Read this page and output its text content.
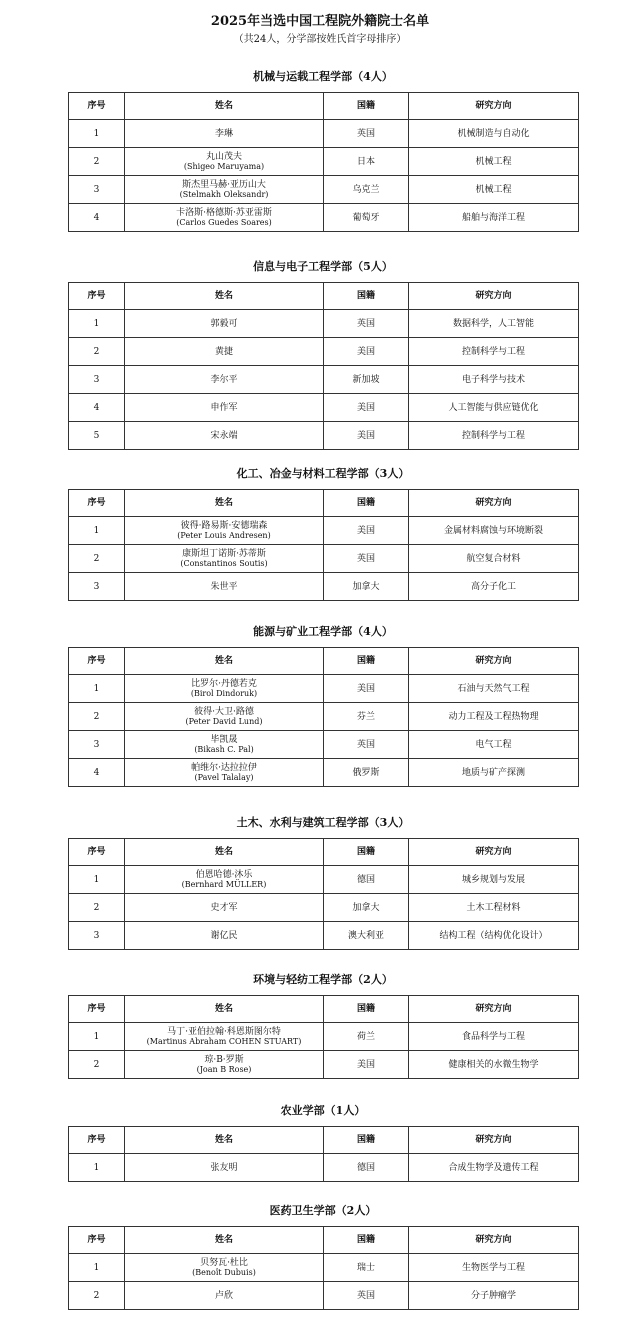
2025年当选中国工程院外籍院士名单
（共24人，分学部按姓氏首字母排序）
机械与运载工程学部（4人）
序号	姓名	国籍	研究方向
1	李琳	英国	机械制造与自动化
2	丸山茂夫
(Shigeo Maruyama)	日本	机械工程
3	斯杰里马赫·亚历山大
(Stelmakh Oleksandr)	乌克兰	机械工程
4	卡洛斯·格德斯·苏亚雷斯
(Carlos Guedes Soares)	葡萄牙	船舶与海洋工程
信息与电子工程学部（5人）
序号	姓名	国籍	研究方向
1	郭毅可	英国	数据科学，人工智能
2	黄捷	美国	控制科学与工程
3	李尔平	新加坡	电子科学与技术
4	申作军	美国	人工智能与供应链优化
5	宋永端	美国	控制科学与工程
化工、冶金与材料工程学部（3人）
序号	姓名	国籍	研究方向
1	彼得·路易斯·安德瑞森
(Peter Louis Andresen)	美国	金属材料腐蚀与环境断裂
2	康斯坦丁诺斯·苏蒂斯
(Constantinos Soutis)	英国	航空复合材料
3	朱世平	加拿大	高分子化工
能源与矿业工程学部（4人）
序号	姓名	国籍	研究方向
1	比罗尔·丹德若克
(Birol Dindoruk)	美国	石油与天然气工程
2	彼得·大卫·路德
(Peter David Lund)	芬兰	动力工程及工程热物理
3	毕凯晟
(Bikash C. Pal)	英国	电气工程
4	帕维尔·达拉拉伊
(Pavel Talalay)	俄罗斯	地质与矿产探测
土木、水利与建筑工程学部（3人）
序号	姓名	国籍	研究方向
1	伯恩哈德·沐乐
(Bernhard MÜLLER)	德国	城乡规划与发展
2	史才军	加拿大	土木工程材料
3	谢亿民	澳大利亚	结构工程（结构优化设计）
环境与轻纺工程学部（2人）
序号	姓名	国籍	研究方向
1	马丁·亚伯拉翰·科恩斯图尔特
(Martinus Abraham COHEN STUART)	荷兰	食品科学与工程
2	琼·B·罗斯
(Joan B Rose)	美国	健康相关的水微生物学
农业学部（1人）
序号	姓名	国籍	研究方向
1	张友明	德国	合成生物学及遗传工程
医药卫生学部（2人）
序号	姓名	国籍	研究方向
1	贝努瓦·杜比
(Benoît Dubuis)	瑞士	生物医学与工程
2	卢欣	英国	分子肿瘤学
